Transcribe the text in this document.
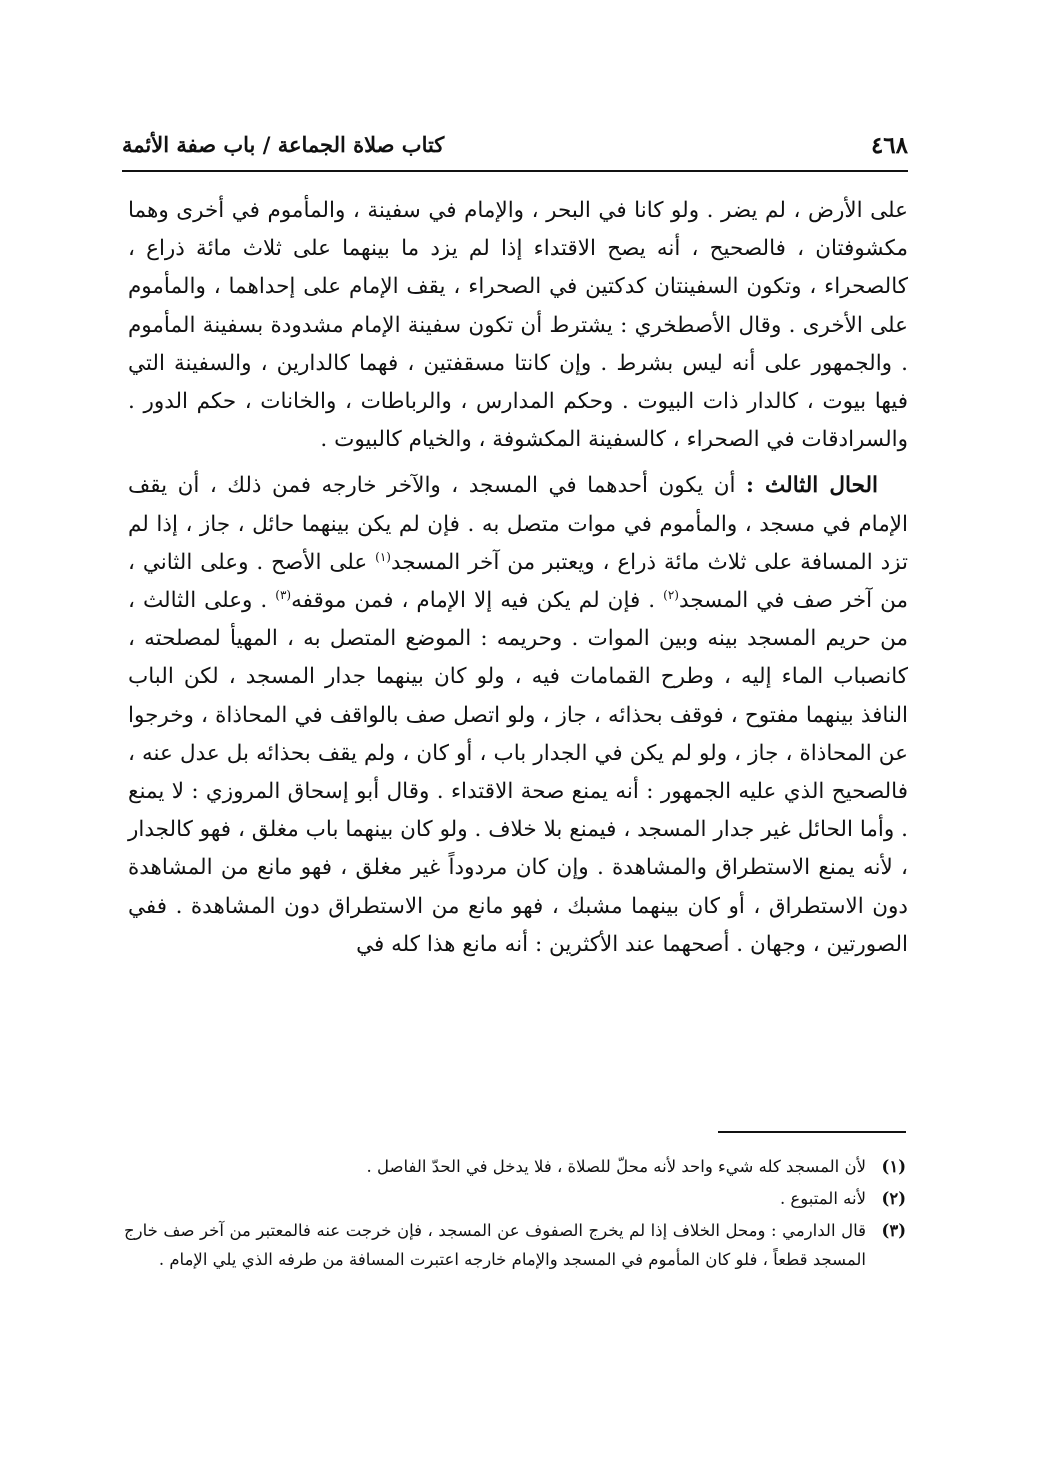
٤٦٨
كتاب صلاة الجماعة / باب صفة الأئمة

على الأرض ، لم يضر . ولو كانا في البحر ، والإمام في سفينة ، والمأموم في أخرى وهما مكشوفتان ، فالصحيح ، أنه يصح الاقتداء إذا لم يزد ما بينهما على ثلاث مائة ذراع ، كالصحراء ، وتكون السفينتان كدكتين في الصحراء ، يقف الإمام على إحداهما ، والمأموم على الأخرى . وقال الأصطخري : يشترط أن تكون سفينة الإمام مشدودة بسفينة المأموم . والجمهور على أنه ليس بشرط . وإن كانتا مسقفتين ، فهما كالدارين ، والسفينة التي فيها بيوت ، كالدار ذات البيوت . وحكم المدارس ، والرباطات ، والخانات ، حكم الدور . والسرادقات في الصحراء ، كالسفينة المكشوفة ، والخيام كالبيوت .

الحال الثالث : أن يكون أحدهما في المسجد ، والآخر خارجه فمن ذلك ، أن يقف الإمام في مسجد ، والمأموم في موات متصل به . فإن لم يكن بينهما حائل ، جاز ، إذا لم تزد المسافة على ثلاث مائة ذراع ، ويعتبر من آخر المسجد$^{(١)}$ على الأصح . وعلى الثاني ، من آخر صف في المسجد$^{(٢)}$ . فإن لم يكن فيه إلا الإمام ، فمن موقفه$^{(٣)}$ . وعلى الثالث ، من حريم المسجد بينه وبين الموات . وحريمه : الموضع المتصل به ، المهيأ لمصلحته ، كانصباب الماء إليه ، وطرح القمامات فيه ، ولو كان بينهما جدار المسجد ، لكن الباب النافذ بينهما مفتوح ، فوقف بحذائه ، جاز ، ولو اتصل صف بالواقف في المحاذاة ، وخرجوا عن المحاذاة ، جاز ، ولو لم يكن في الجدار باب ، أو كان ، ولم يقف بحذائه بل عدل عنه ، فالصحيح الذي عليه الجمهور : أنه يمنع صحة الاقتداء . وقال أبو إسحاق المروزي : لا يمنع . وأما الحائل غير جدار المسجد ، فيمنع بلا خلاف . ولو كان بينهما باب مغلق ، فهو كالجدار ، لأنه يمنع الاستطراق والمشاهدة . وإن كان مردوداً غير مغلق ، فهو مانع من المشاهدة دون الاستطراق ، أو كان بينهما مشبك ، فهو مانع من الاستطراق دون المشاهدة . ففي الصورتين ، وجهان . أصحهما عند الأكثرين : أنه مانع هذا كله في

(١)
لأن المسجد كله شيء واحد لأنه محلّ للصلاة ، فلا يدخل في الحدّ الفاصل .
(٢)
لأنه المتبوع .
(٣)
قال الدارمي : ومحل الخلاف إذا لم يخرج الصفوف عن المسجد ، فإن خرجت عنه فالمعتبر من آخر صف خارج المسجد قطعاً ، فلو كان المأموم في المسجد والإمام خارجه اعتبرت المسافة من طرفه الذي يلي الإمام .
